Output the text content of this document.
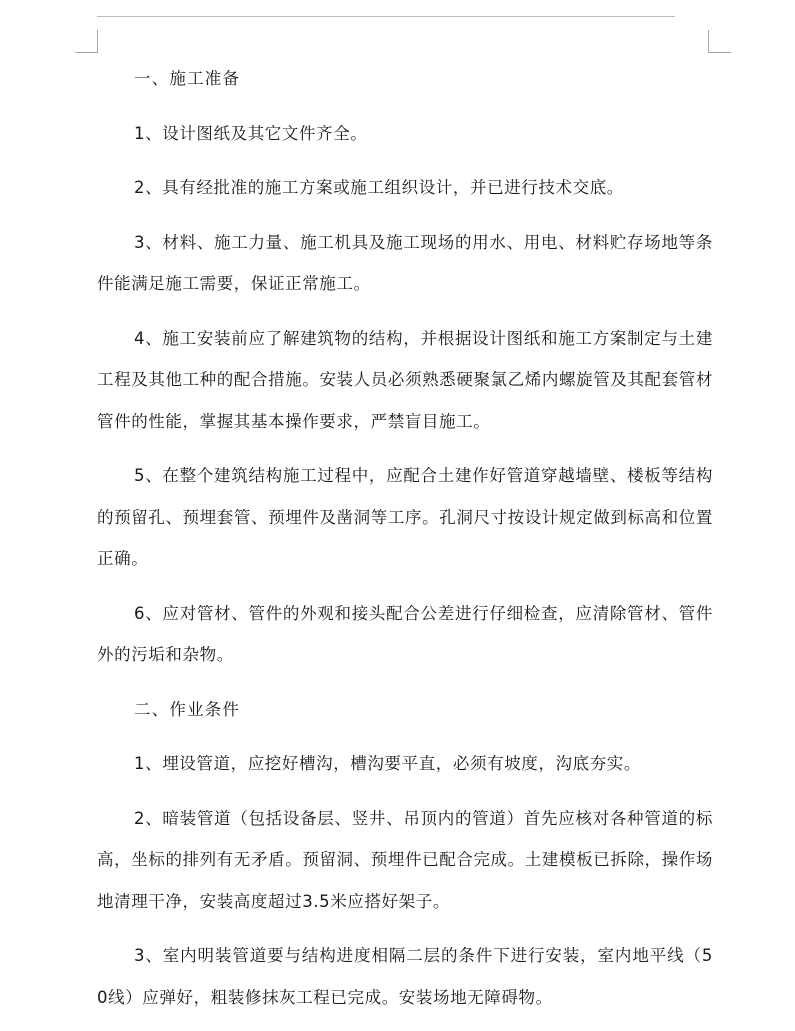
一、施工准备

1、设计图纸及其它文件齐全。

2、具有经批准的施工方案或施工组织设计，并已进行技术交底。

3、材料、施工力量、施工机具及施工现场的用水、用电、材料贮存场地等条件能满足施工需要，保证正常施工。

4、施工安装前应了解建筑物的结构，并根据设计图纸和施工方案制定与土建工程及其他工种的配合措施。安装人员必须熟悉硬聚氯乙烯内螺旋管及其配套管材管件的性能，掌握其基本操作要求，严禁盲目施工。

5、在整个建筑结构施工过程中，应配合土建作好管道穿越墙壁、楼板等结构的预留孔、预埋套管、预埋件及凿洞等工序。孔洞尺寸按设计规定做到标高和位置正确。

6、应对管材、管件的外观和接头配合公差进行仔细检查，应清除管材、管件外的污垢和杂物。

二、作业条件

1、埋设管道，应挖好槽沟，槽沟要平直，必须有坡度，沟底夯实。

2、暗装管道（包括设备层、竖井、吊顶内的管道）首先应核对各种管道的标高，坐标的排列有无矛盾。预留洞、预埋件已配合完成。土建模板已拆除，操作场地清理干净，安装高度超过3.5米应搭好架子。

3、室内明装管道要与结构进度相隔二层的条件下进行安装，室内地平线（50线）应弹好，粗装修抹灰工程已完成。安装场地无障碍物。
